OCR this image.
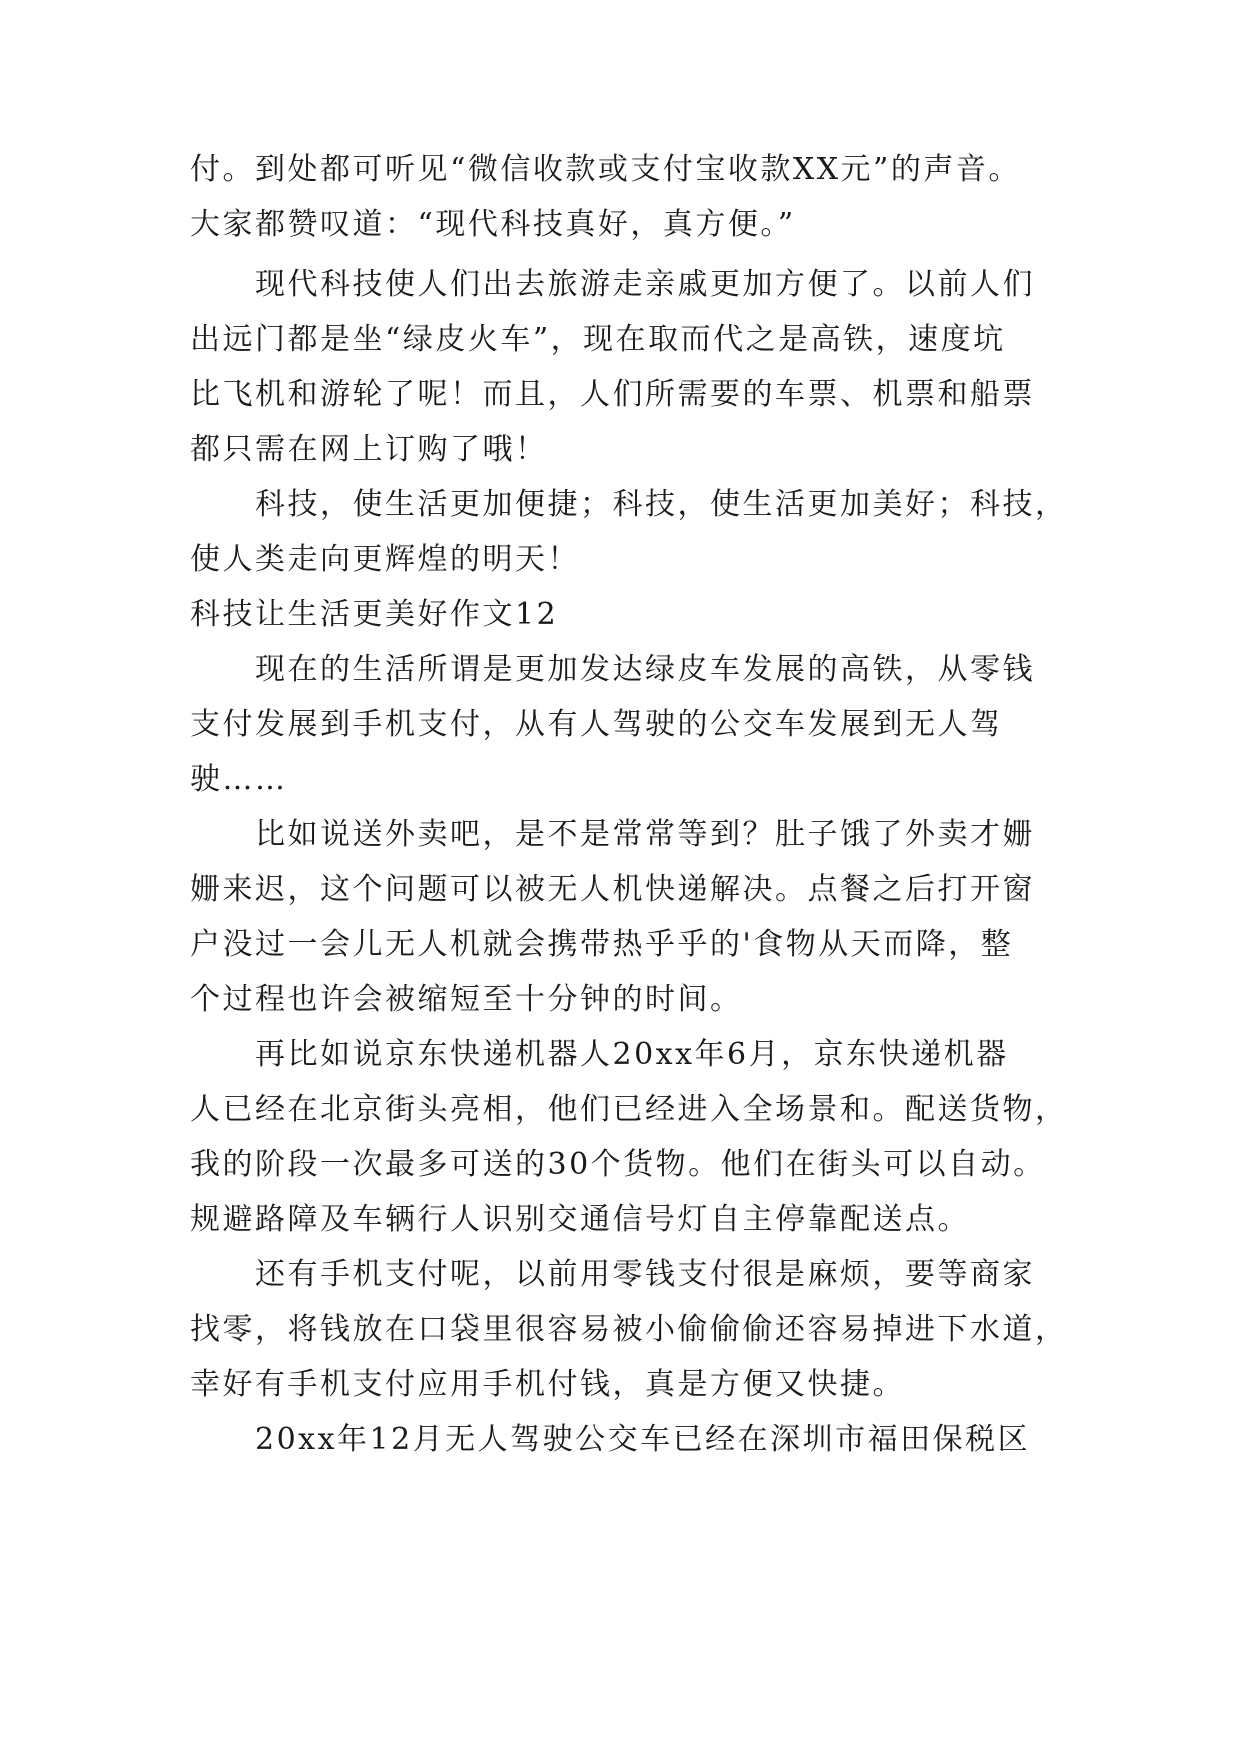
付。到处都可听见“微信收款或支付宝收款XX元”的声音。
大家都赞叹道：“现代科技真好，真方便。”
现代科技使人们出去旅游走亲戚更加方便了。以前人们
出远门都是坐“绿皮火车”，现在取而代之是高铁，速度坑
比飞机和游轮了呢！而且，人们所需要的车票、机票和船票
都只需在网上订购了哦！
科技，使生活更加便捷；科技，使生活更加美好；科技，
使人类走向更辉煌的明天！
科技让生活更美好作文12
现在的生活所谓是更加发达绿皮车发展的高铁，从零钱
支付发展到手机支付，从有人驾驶的公交车发展到无人驾
驶……
比如说送外卖吧，是不是常常等到？肚子饿了外卖才姗
姗来迟，这个问题可以被无人机快递解决。点餐之后打开窗
户没过一会儿无人机就会携带热乎乎的'食物从天而降，整
个过程也许会被缩短至十分钟的时间。
再比如说京东快递机器人20xx年6月，京东快递机器
人已经在北京街头亮相，他们已经进入全场景和。配送货物，
我的阶段一次最多可送的30个货物。他们在街头可以自动。
规避路障及车辆行人识别交通信号灯自主停靠配送点。
还有手机支付呢，以前用零钱支付很是麻烦，要等商家
找零，将钱放在口袋里很容易被小偷偷偷还容易掉进下水道，
幸好有手机支付应用手机付钱，真是方便又快捷。
20xx年12月无人驾驶公交车已经在深圳市福田保税区
